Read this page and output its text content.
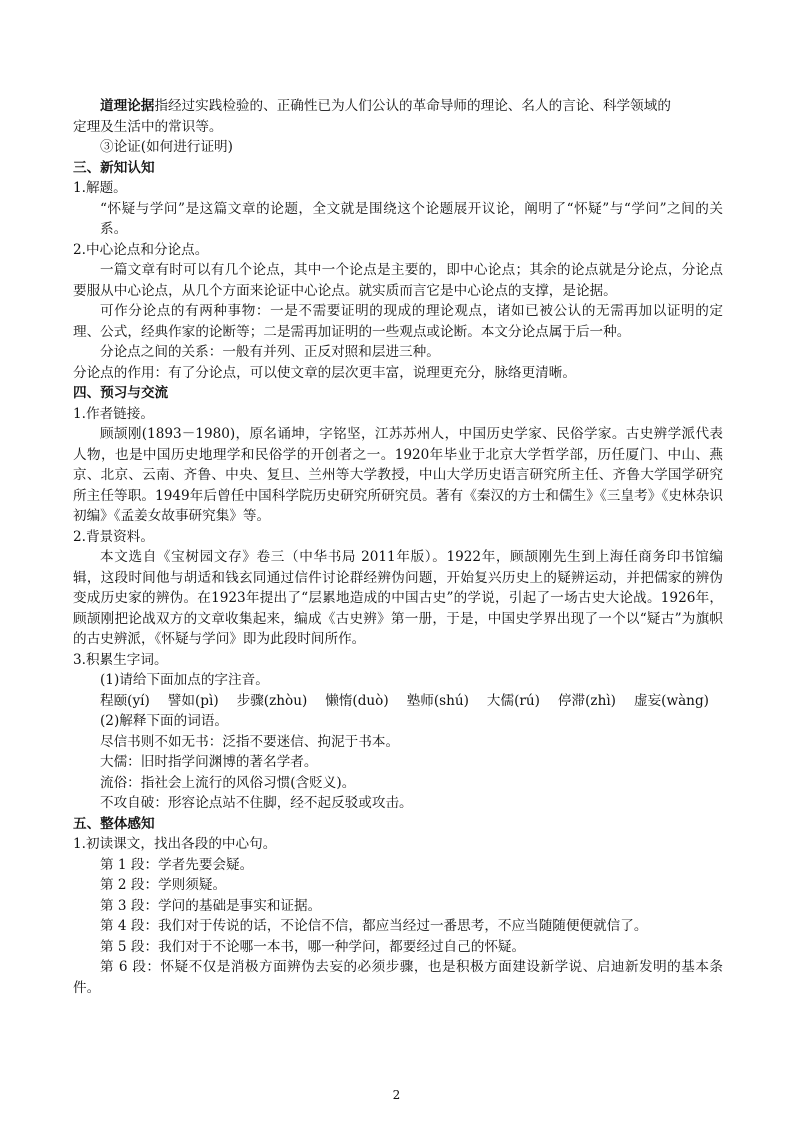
道理论据指经过实践检验的、正确性已为人们公认的革命导师的理论、名人的言论、科学领域的
定理及生活中的常识等。
③论证(如何进行证明)
三、新知认知
1.解题。
“怀疑与学问”是这篇文章的论题，全文就是围绕这个论题展开议论，阐明了“怀疑”与“学问”之间的关系。
2.中心论点和分论点。
一篇文章有时可以有几个论点，其中一个论点是主要的，即中心论点；其余的论点就是分论点，分论点要服从中心论点，从几个方面来论证中心论点。就实质而言它是中心论点的支撑，是论据。
可作分论点的有两种事物：一是不需要证明的现成的理论观点，诸如已被公认的无需再加以证明的定理、公式，经典作家的论断等；二是需再加证明的一些观点或论断。本文分论点属于后一种。
分论点之间的关系：一般有并列、正反对照和层进三种。
分论点的作用：有了分论点，可以使文章的层次更丰富，说理更充分，脉络更清晰。
四、预习与交流
1.作者链接。
顾颉刚(1893－1980)，原名诵坤，字铭坚，江苏苏州人，中国历史学家、民俗学家。古史辨学派代表人物，也是中国历史地理学和民俗学的开创者之一。1920年毕业于北京大学哲学部，历任厦门、中山、燕京、北京、云南、齐鲁、中央、复旦、兰州等大学教授，中山大学历史语言研究所主任、齐鲁大学国学研究所主任等职。1949年后曾任中国科学院历史研究所研究员。著有《秦汉的方士和儒生》《三皇考》《史林杂识初编》《孟姜女故事研究集》等。
2.背景资料。
本文选自《宝树园文存》卷三（中华书局 2011年版）。1922年，顾颉刚先生到上海任商务印书馆编辑，这段时间他与胡适和钱玄同通过信件讨论群经辨伪问题，开始复兴历史上的疑辨运动，并把儒家的辨伪变成历史家的辨伪。在1923年提出了“层累地造成的中国古史”的学说，引起了一场古史大论战。1926年，顾颉刚把论战双方的文章收集起来，编成《古史辨》第一册，于是，中国史学界出现了一个以“疑古”为旗帜的古史辨派，《怀疑与学问》即为此段时间所作。
3.积累生字词。
(1)请给下面加点的字注音。
程颐(yí) 譬如(pì) 步骤(zhòu) 懒惰(duò) 塾师(shú) 大儒(rú) 停滞(zhì) 虚妄(wàng)
(2)解释下面的词语。
尽信书则不如无书：泛指不要迷信、拘泥于书本。
大儒：旧时指学问渊博的著名学者。
流俗：指社会上流行的风俗习惯(含贬义)。
不攻自破：形容论点站不住脚，经不起反驳或攻击。
五、整体感知
1.初读课文，找出各段的中心句。
第 1 段：学者先要会疑。
第 2 段：学则须疑。
第 3 段：学问的基础是事实和证据。
第 4 段：我们对于传说的话，不论信不信，都应当经过一番思考，不应当随随便便就信了。
第 5 段：我们对于不论哪一本书，哪一种学问，都要经过自己的怀疑。
第 6 段：怀疑不仅是消极方面辨伪去妄的必须步骤，也是积极方面建设新学说、启迪新发明的基本条件。
2
